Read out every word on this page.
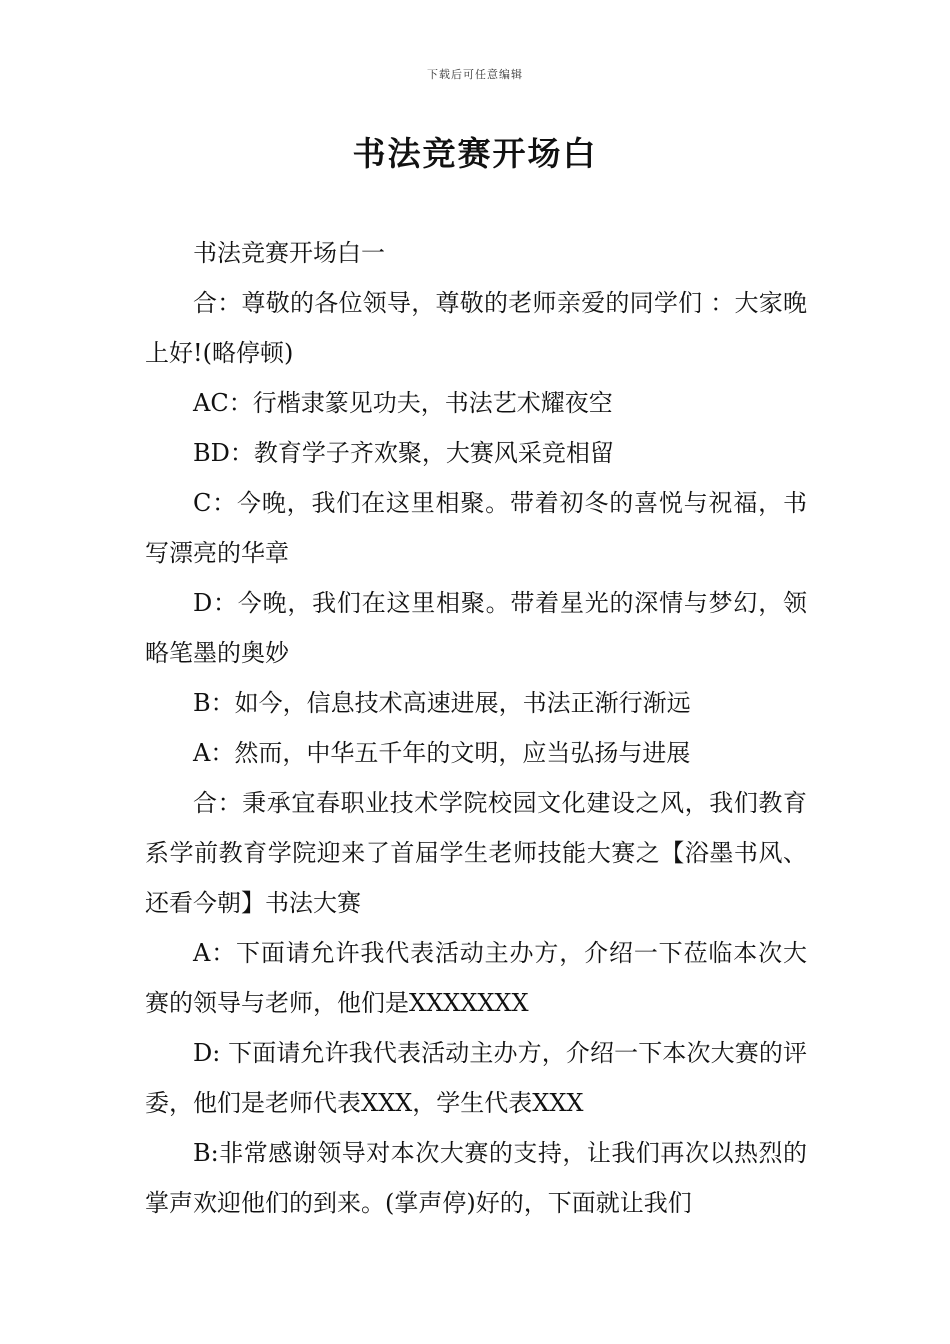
下载后可任意编辑
书法竞赛开场白

书法竞赛开场白一

合：尊敬的各位领导，尊敬的老师亲爱的同学们 ：大家晚上好!(略停顿)

AC：行楷隶篆见功夫，书法艺术耀夜空

BD：教育学子齐欢聚，大赛风采竞相留

C：今晚，我们在这里相聚。带着初冬的喜悦与祝福，书写漂亮的华章

D：今晚，我们在这里相聚。带着星光的深情与梦幻，领略笔墨的奥妙

B：如今，信息技术高速进展，书法正渐行渐远

A：然而，中华五千年的文明，应当弘扬与进展

合：秉承宜春职业技术学院校园文化建设之风，我们教育系学前教育学院迎来了首届学生老师技能大赛之【浴墨书风、还看今朝】书法大赛

A：下面请允许我代表活动主办方，介绍一下莅临本次大赛的领导与老师，他们是XXXXXXX

D: 下面请允许我代表活动主办方，介绍一下本次大赛的评委，他们是老师代表XXX，学生代表XXX

B:非常感谢领导对本次大赛的支持，让我们再次以热烈的掌声欢迎他们的到来。(掌声停)好的，下面就让我们
